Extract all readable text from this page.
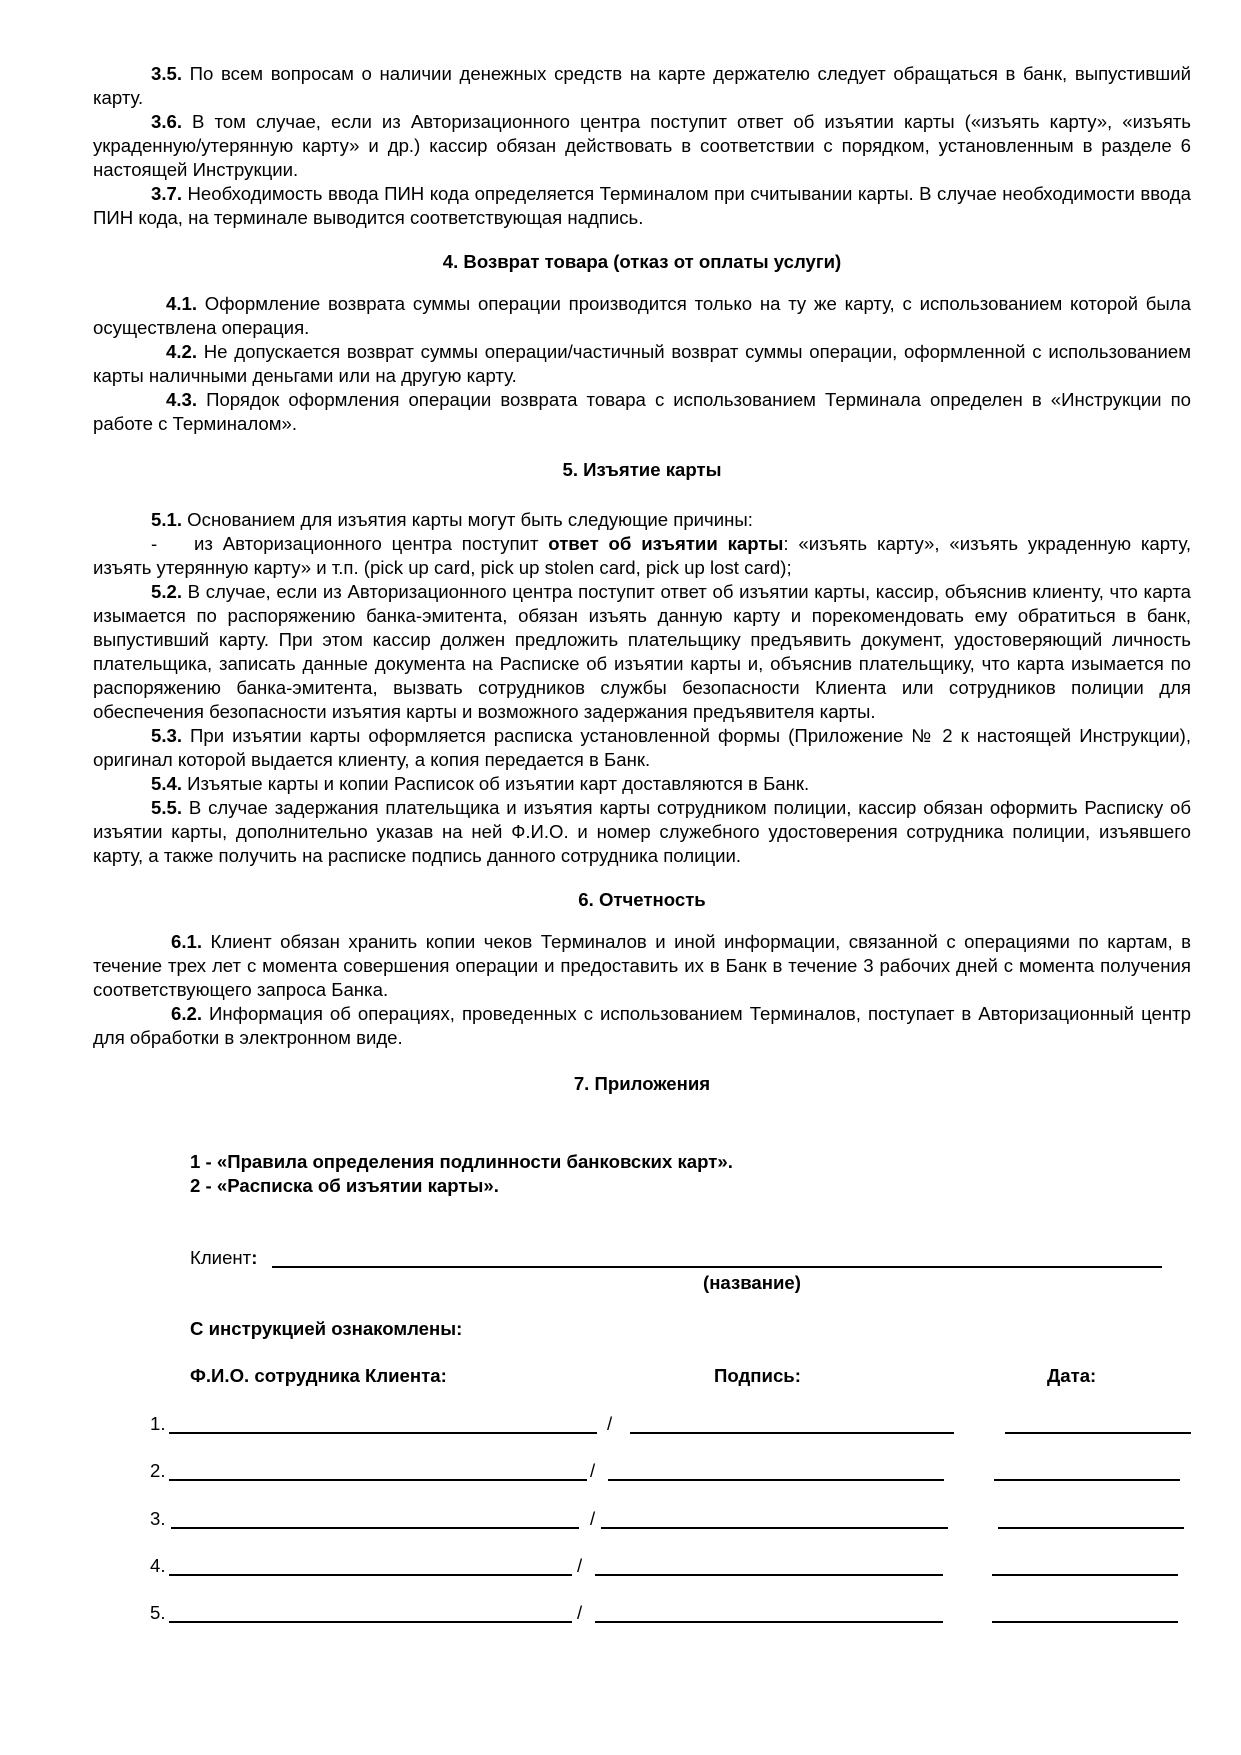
3.5. По всем вопросам о наличии денежных средств на карте держателю следует обращаться в банк, выпустивший карту.

3.6. В том случае, если из Авторизационного центра поступит ответ об изъятии карты («изъять карту», «изъять украденную/утерянную карту» и др.) кассир обязан действовать в соответствии с порядком, установленным в разделе 6 настоящей Инструкции.

3.7. Необходимость ввода ПИН кода определяется Терминалом при считывании карты. В случае необходимости ввода ПИН кода, на терминале выводится соответствующая надпись.

4. Возврат товара (отказ от оплаты услуги)

4.1. Оформление возврата суммы операции производится только на ту же карту, с использованием которой была осуществлена операция.

4.2. Не допускается возврат суммы операции/частичный возврат суммы операции, оформленной с использованием карты наличными деньгами или на другую карту.

4.3. Порядок оформления операции возврата товара с использованием Терминала определен в «Инструкции по работе с Терминалом».

5. Изъятие карты

5.1. Основанием для изъятия карты могут быть следующие причины:

- из Авторизационного центра поступит ответ об изъятии карты: «изъять карту», «изъять украденную карту, изъять утерянную карту» и т.п. (pick up card, pick up stolen card, pick up lost card);

5.2. В случае, если из Авторизационного центра поступит ответ об изъятии карты, кассир, объяснив клиенту, что карта изымается по распоряжению банка-эмитента, обязан изъять данную карту и порекомендовать ему обратиться в банк, выпустивший карту. При этом кассир должен предложить плательщику предъявить документ, удостоверяющий личность плательщика, записать данные документа на Расписке об изъятии карты и, объяснив плательщику, что карта изымается по распоряжению банка-эмитента, вызвать сотрудников службы безопасности Клиента или сотрудников полиции для обеспечения безопасности изъятия карты и возможного задержания предъявителя карты.

5.3. При изъятии карты оформляется расписка установленной формы (Приложение № 2 к настоящей Инструкции), оригинал которой выдается клиенту, а копия передается в Банк.

5.4. Изъятые карты и копии Расписок об изъятии карт доставляются в Банк.

5.5. В случае задержания плательщика и изъятия карты сотрудником полиции, кассир обязан оформить Расписку об изъятии карты, дополнительно указав на ней Ф.И.О. и номер служебного удостоверения сотрудника полиции, изъявшего карту, а также получить на расписке подпись данного сотрудника полиции.

6. Отчетность

6.1. Клиент обязан хранить копии чеков Терминалов и иной информации, связанной с операциями по картам, в течение трех лет с момента совершения операции и предоставить их в Банк в течение 3 рабочих дней с момента получения соответствующего запроса Банка.

6.2. Информация об операциях, проведенных с использованием Терминалов, поступает в Авторизационный центр для обработки в электронном виде.

7. Приложения

1 - «Правила определения подлинности банковских карт».
2 - «Расписка об изъятии карты».
Клиент:
(название)
С инструкцией ознакомлены:
Ф.И.О. сотрудника Клиента:	Подпись:	Дата:
1.	/
2.	/
3.	/
4.	/
5.	/
